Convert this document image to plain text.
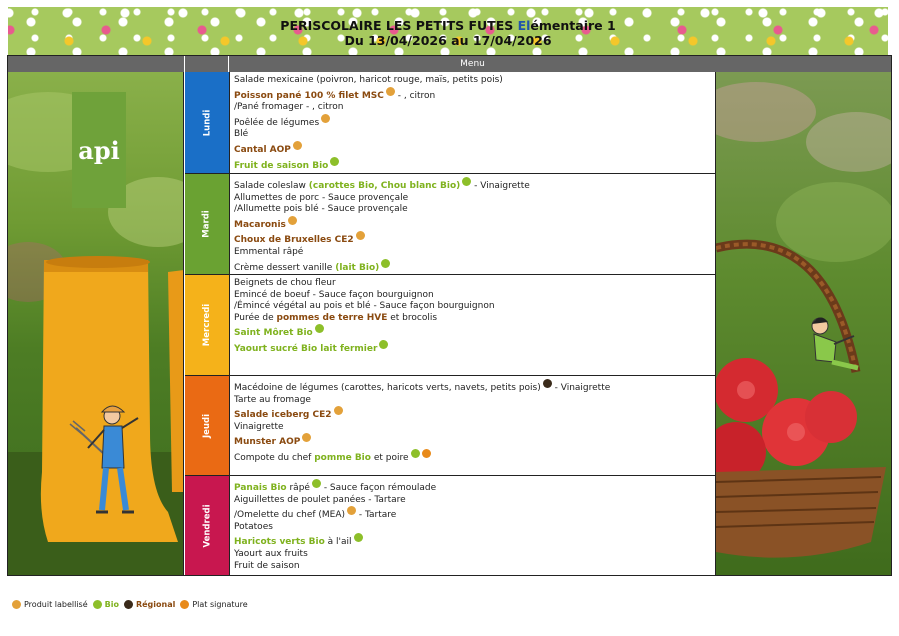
PERISCOLAIRE LES PETITS FUTES Elémentaire 1
Du 13/04/2026 au 17/04/2026
Menu
api
Lundi
Mardi
Mercredi
Jeudi
Vendredi
Salade mexicaine (poivron, haricot rouge, maïs, petits pois)
Poisson pané 100 % filet MSC - , citron
/Pané fromager - , citron
Poêlée de légumes
Blé
Cantal AOP
Fruit de saison Bio
Salade coleslaw (carottes Bio, Chou blanc Bio) - Vinaigrette
Allumettes de porc - Sauce provençale
/Allumette pois blé - Sauce provençale
Macaronis
Choux de Bruxelles CE2
Emmental râpé
Crème dessert vanille (lait Bio)
Beignets de chou fleur
Emincé de boeuf - Sauce façon bourguignon
/Émincé végétal au pois et blé - Sauce façon bourguignon
Purée de pommes de terre HVE et brocolis
Saint Môret Bio
Yaourt sucré Bio lait fermier
Macédoine de légumes (carottes, haricots verts, navets, petits pois) - Vinaigrette
Tarte au fromage
Salade iceberg CE2
Vinaigrette
Munster AOP
Compote du chef pomme Bio et poire
Panais Bio râpé - Sauce façon rémoulade
Aiguillettes de poulet panées - Tartare
/Omelette du chef (MEA) - Tartare
Potatoes
Haricots verts Bio à l'ail
Yaourt aux fruits
Fruit de saison
Produit labellisé Bio Régional Plat signature
